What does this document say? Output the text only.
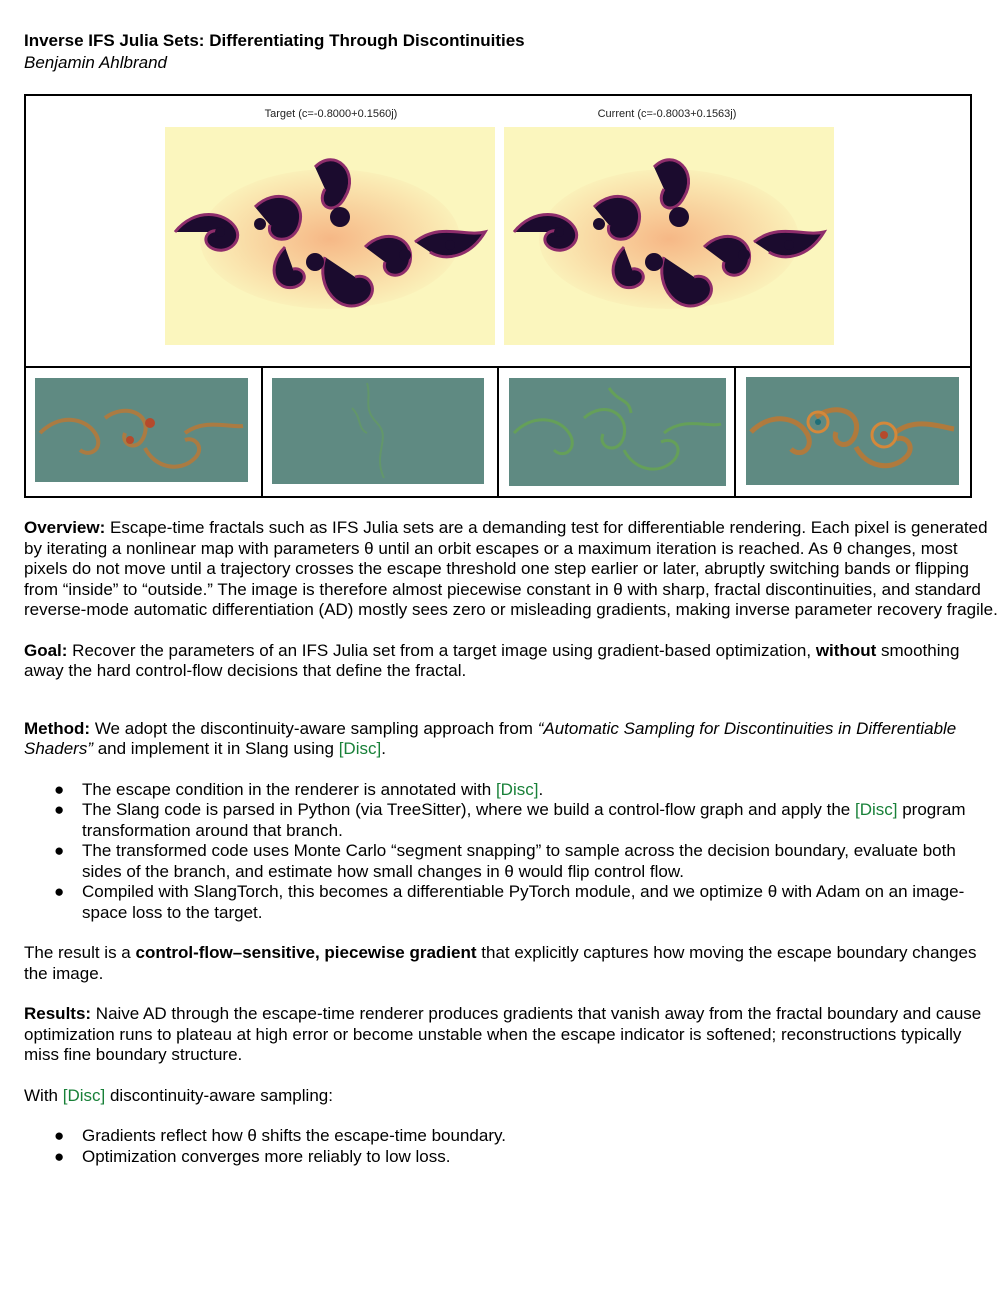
Inverse IFS Julia Sets: Differentiating Through Discontinuities

Benjamin Ahlbrand

Target (c=-0.8000+0.1560j)	Current (c=-0.8003+0.1563j)

Overview: Escape-time fractals such as IFS Julia sets are a demanding test for differentiable rendering. Each pixel is generated by iterating a nonlinear map with parameters θ until an orbit escapes or a maximum iteration is reached. As θ changes, most pixels do not move until a trajectory crosses the escape threshold one step earlier or later, abruptly switching bands or flipping from “inside” to “outside.” The image is therefore almost piecewise constant in θ with sharp, fractal discontinuities, and standard reverse-mode automatic differentiation (AD) mostly sees zero or misleading gradients, making inverse parameter recovery fragile.

Goal: Recover the parameters of an IFS Julia set from a target image using gradient-based optimization, without smoothing away the hard control-flow decisions that define the fractal.

Method: We adopt the discontinuity-aware sampling approach from “Automatic Sampling for Discontinuities in Differentiable Shaders” and implement it in Slang using [Disc].

● The escape condition in the renderer is annotated with [Disc].
● The Slang code is parsed in Python (via TreeSitter), where we build a control-flow graph and apply the [Disc] program transformation around that branch.
● The transformed code uses Monte Carlo “segment snapping” to sample across the decision boundary, evaluate both sides of the branch, and estimate how small changes in θ would flip control flow.
● Compiled with SlangTorch, this becomes a differentiable PyTorch module, and we optimize θ with Adam on an image-space loss to the target.

The result is a control-flow–sensitive, piecewise gradient that explicitly captures how moving the escape boundary changes the image.

Results: Naive AD through the escape-time renderer produces gradients that vanish away from the fractal boundary and cause optimization runs to plateau at high error or become unstable when the escape indicator is softened; reconstructions typically miss fine boundary structure.

With [Disc] discontinuity-aware sampling:

● Gradients reflect how θ shifts the escape-time boundary.
● Optimization converges more reliably to low loss.
